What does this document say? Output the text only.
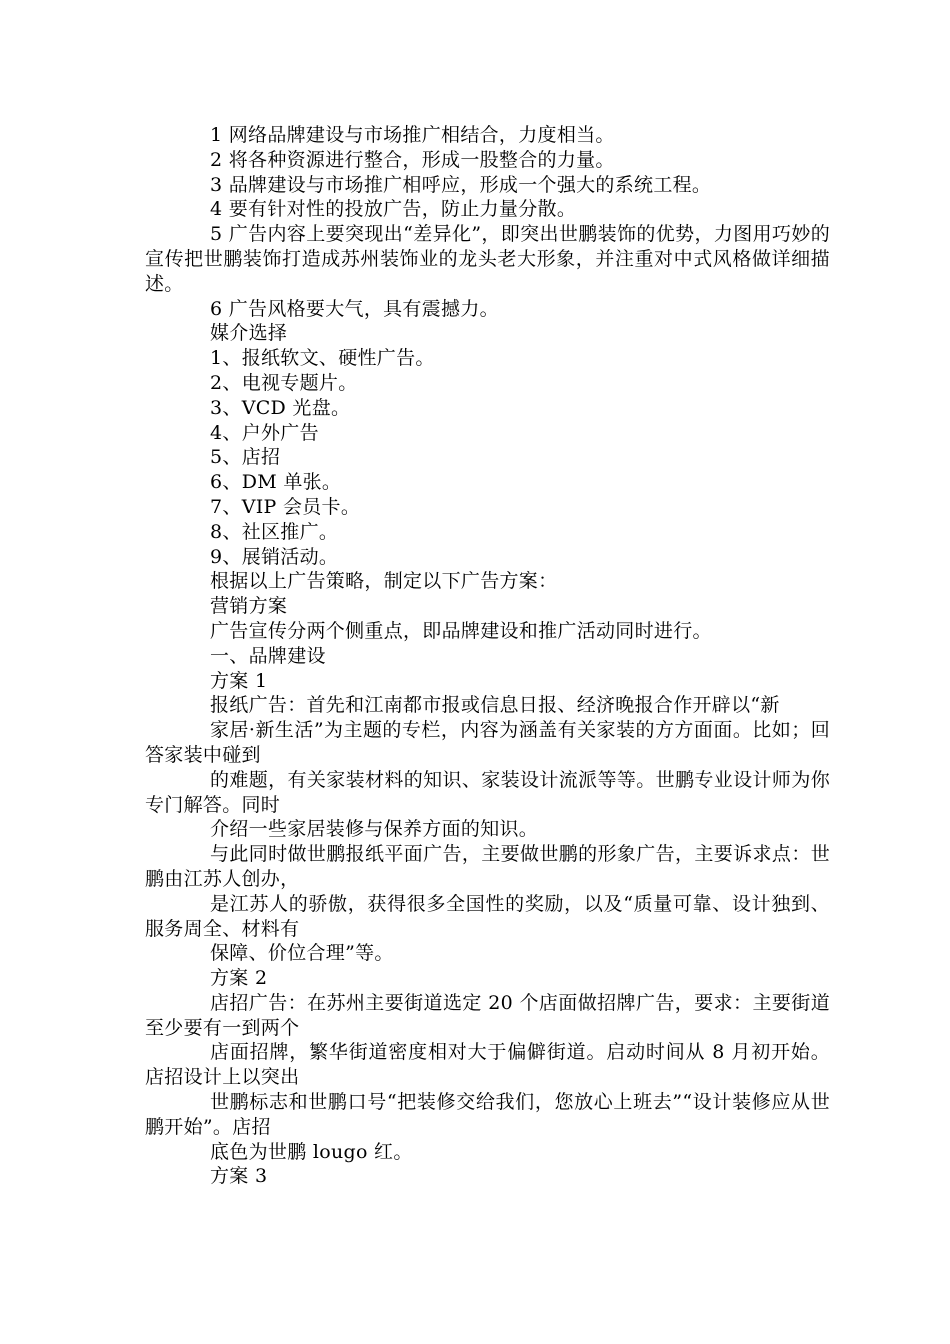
1 网络品牌建设与市场推广相结合，力度相当。

2 将各种资源进行整合，形成一股整合的力量。

3 品牌建设与市场推广相呼应，形成一个强大的系统工程。

4 要有针对性的投放广告，防止力量分散。

5 广告内容上要突现出“差异化”，即突出世鹏装饰的优势，力图用巧妙的宣传把世鹏装饰打造成苏州装饰业的龙头老大形象，并注重对中式风格做详细描述。

6 广告风格要大气，具有震撼力。

媒介选择

1、报纸软文、硬性广告。

2、电视专题片。

3、VCD 光盘。

4、户外广告

5、店招

6、DM 单张。

7、VIP 会员卡。

8、社区推广。

9、展销活动。

根据以上广告策略，制定以下广告方案：

营销方案

广告宣传分两个侧重点，即品牌建设和推广活动同时进行。

一、品牌建设

方案 1

报纸广告：首先和江南都市报或信息日报、经济晚报合作开辟以“新

家居·新生活”为主题的专栏，内容为涵盖有关家装的方方面面。比如；回答家装中碰到

的难题，有关家装材料的知识、家装设计流派等等。世鹏专业设计师为你专门解答。同时

介绍一些家居装修与保养方面的知识。

与此同时做世鹏报纸平面广告，主要做世鹏的形象广告，主要诉求点：世鹏由江苏人创办，

是江苏人的骄傲，获得很多全国性的奖励，以及“质量可靠、设计独到、服务周全、材料有

保障、价位合理”等。

方案 2

店招广告：在苏州主要街道选定 20 个店面做招牌广告，要求：主要街道至少要有一到两个

店面招牌，繁华街道密度相对大于偏僻街道。启动时间从 8 月初开始。店招设计上以突出

世鹏标志和世鹏口号“把装修交给我们，您放心上班去”“设计装修应从世鹏开始”。店招

底色为世鹏 lougo 红。

方案 3
